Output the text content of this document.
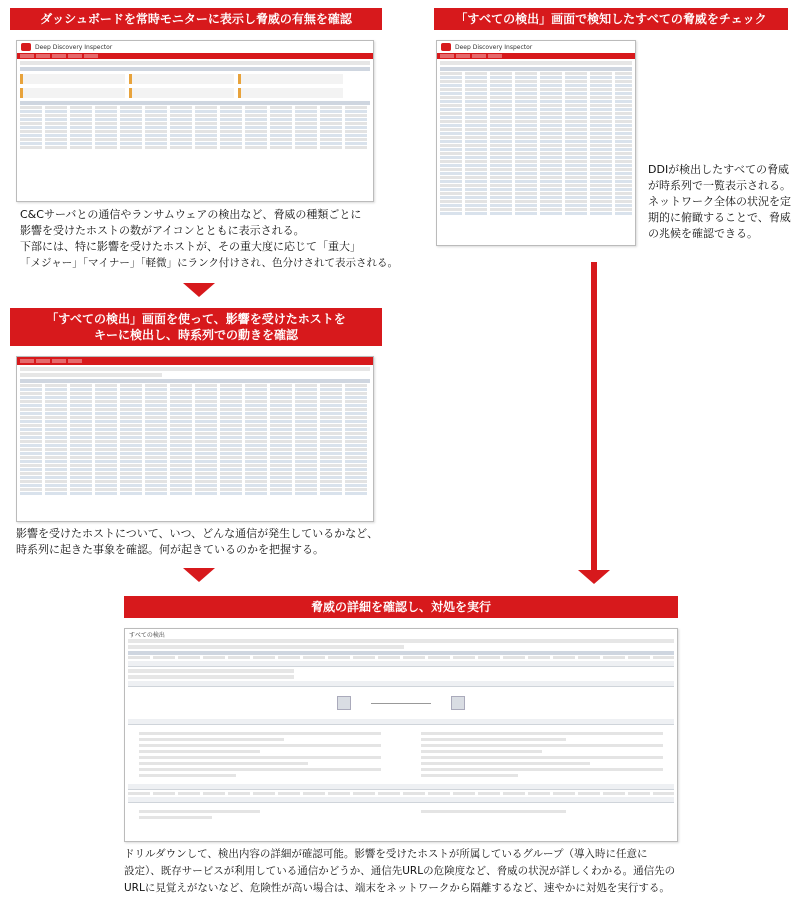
ダッシュボードを常時モニターに表示し脅威の有無を確認
Deep Discovery Inspector
C&Cサーバとの通信やランサムウェアの検出など、脅威の種類ごとに
影響を受けたホストの数がアイコンとともに表示される。
下部には、特に影響を受けたホストが、その重大度に応じて「重大」
「メジャー」「マイナー」「軽微」にランク付けされ、色分けされて表示される。
「すべての検出」画面を使って、影響を受けたホストを
キーに検出し、時系列での動きを確認
影響を受けたホストについて、いつ、どんな通信が発生しているかなど、
時系列に起きた事象を確認。何が起きているのかを把握する。
「すべての検出」画面で検知したすべての脅威をチェック
Deep Discovery Inspector
DDIが検出したすべての脅威
が時系列で一覧表示される。
ネットワーク全体の状況を定
期的に俯瞰することで、脅威
の兆候を確認できる。
脅威の詳細を確認し、対処を実行
すべての検出
ドリルダウンして、検出内容の詳細が確認可能。影響を受けたホストが所属しているグループ（導入時に任意に
設定）、既存サービスが利用している通信かどうか、通信先URLの危険度など、脅威の状況が詳しくわかる。通信先の
URLに見覚えがないなど、危険性が高い場合は、端末をネットワークから隔離するなど、速やかに対処を実行する。
